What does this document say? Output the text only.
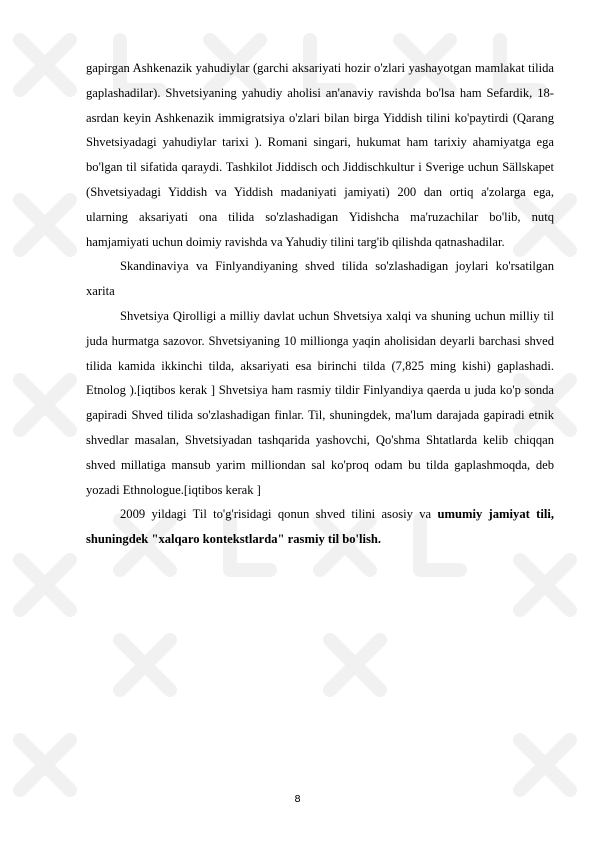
gapirgan Ashkenazik yahudiylar (garchi aksariyati hozir o'zlari yashayotgan mamlakat tilida gaplashadilar). Shvetsiyaning yahudiy aholisi an'anaviy ravishda bo'lsa ham Sefardik, 18-asrdan keyin Ashkenazik immigratsiya o'zlari bilan birga Yiddish tilini ko'paytirdi (Qarang Shvetsiyadagi yahudiylar tarixi ). Romani singari, hukumat ham tarixiy ahamiyatga ega bo'lgan til sifatida qaraydi. Tashkilot Jiddisch och Jiddischkultur i Sverige uchun Sällskapet (Shvetsiyadagi Yiddish va Yiddish madaniyati jamiyati) 200 dan ortiq a'zolarga ega, ularning aksariyati ona tilida so'zlashadigan Yidishcha ma'ruzachilar bo'lib, nutq hamjamiyati uchun doimiy ravishda va Yahudiy tilini targ'ib qilishda qatnashadilar.

Skandinaviya va Finlyandiyaning shved tilida so'zlashadigan joylari ko'rsatilgan xarita

Shvetsiya Qirolligi a milliy davlat uchun Shvetsiya xalqi va shuning uchun milliy til juda hurmatga sazovor. Shvetsiyaning 10 millionga yaqin aholisidan deyarli barchasi shved tilida kamida ikkinchi tilda, aksariyati esa birinchi tilda (7,825 ming kishi) gaplashadi. Etnolog ).[iqtibos kerak ] Shvetsiya ham rasmiy tildir Finlyandiya qaerda u juda ko'p sonda gapiradi Shved tilida so'zlashadigan finlar. Til, shuningdek, ma'lum darajada gapiradi etnik shvedlar masalan, Shvetsiyadan tashqarida yashovchi, Qo'shma Shtatlarda kelib chiqqan shved millatiga mansub yarim milliondan sal ko'proq odam bu tilda gaplashmoqda, deb yozadi Ethnologue.[iqtibos kerak ]

2009 yildagi Til to'g'risidagi qonun shved tilini asosiy va umumiy jamiyat tili, shuningdek "xalqaro kontekstlarda" rasmiy til bo'lish.

8
